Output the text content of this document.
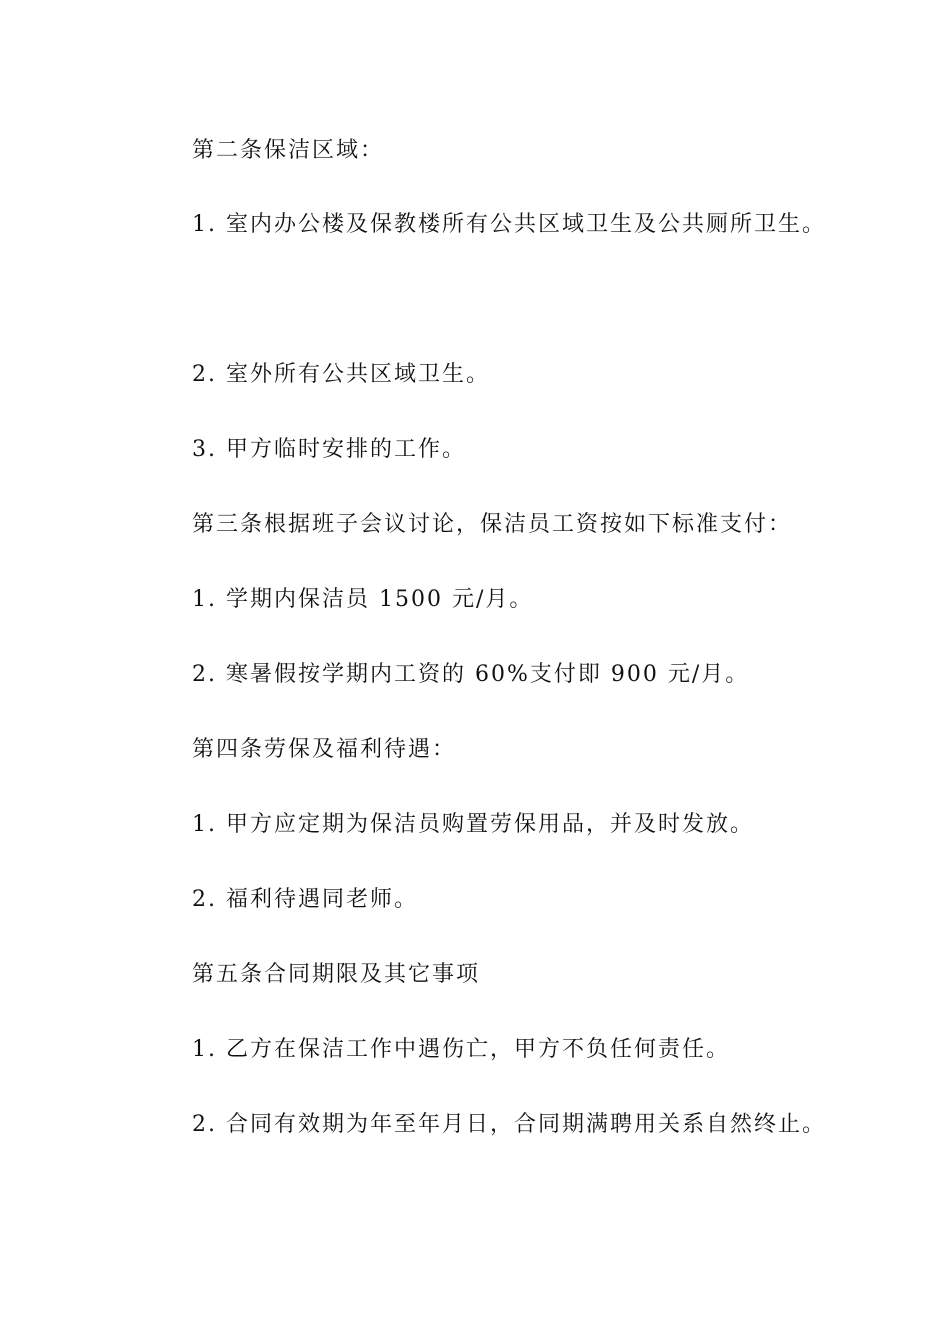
第二条保洁区域：
1. 室内办公楼及保教楼所有公共区域卫生及公共厕所卫生。
2. 室外所有公共区域卫生。
3. 甲方临时安排的工作。
第三条根据班子会议讨论，保洁员工资按如下标准支付：
1. 学期内保洁员 1500 元/月。
2. 寒暑假按学期内工资的 60%支付即 900 元/月。
第四条劳保及福利待遇：
1. 甲方应定期为保洁员购置劳保用品，并及时发放。
2. 福利待遇同老师。
第五条合同期限及其它事项
1. 乙方在保洁工作中遇伤亡，甲方不负任何责任。
2. 合同有效期为年至年月日，合同期满聘用关系自然终止。
